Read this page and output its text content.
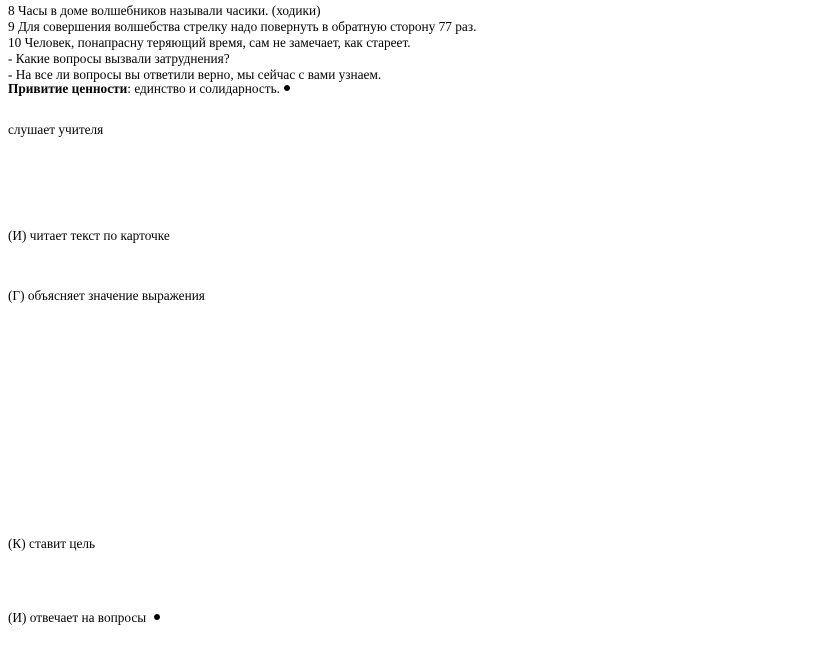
8 Часы в доме волшебников называли часики. (ходики)
9 Для совершения волшебства стрелку надо повернуть в обратную сторону 77 раз.
10 Человек, понапрасну теряющий время, сам не замечает, как стареет.
- Какие вопросы вызвали затруднения?
- На все ли вопросы вы ответили верно, мы сейчас с вами узнаем.
Привитие ценности: единство и солидарность.
слушает учителя
(И) читает текст по карточке
(Г) объясняет значение выражения
(К) ставит цель
(И) отвечает на вопросы
